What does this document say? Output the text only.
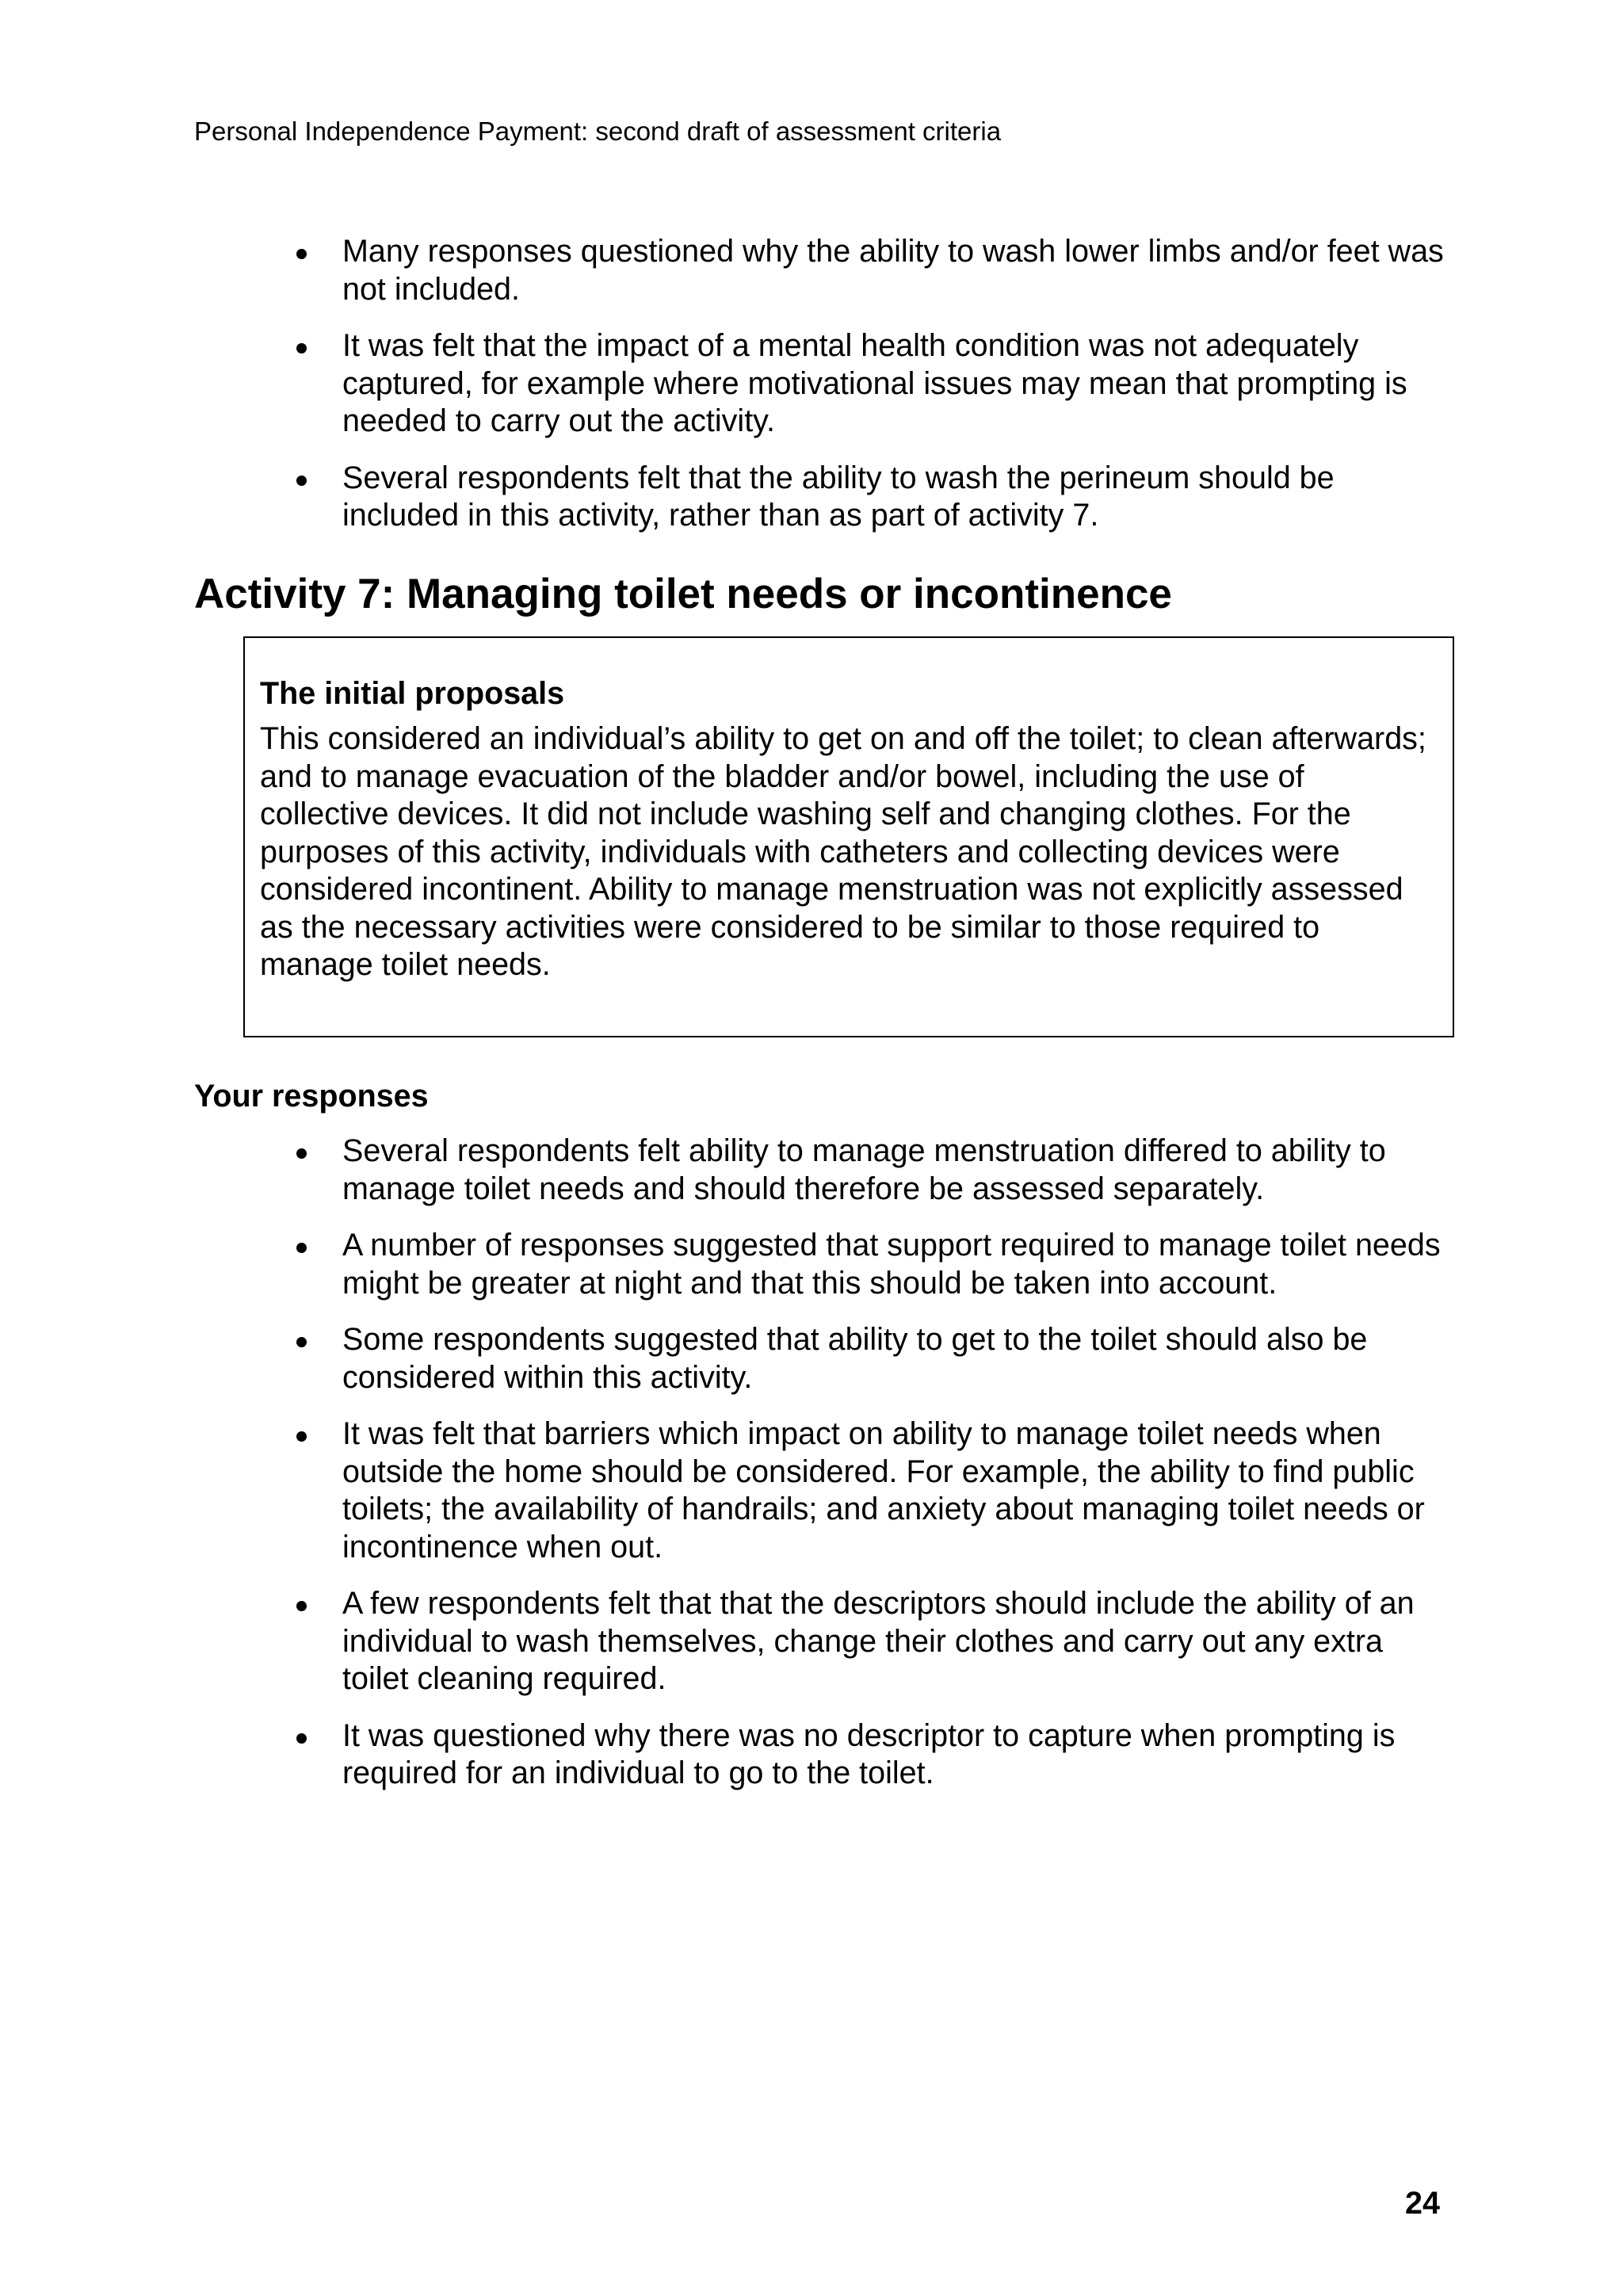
Personal Independence Payment: second draft of assessment criteria
Many responses questioned why the ability to wash lower limbs and/or feet was not included.
It was felt that the impact of a mental health condition was not adequately captured, for example where motivational issues may mean that prompting is needed to carry out the activity.
Several respondents felt that the ability to wash the perineum should be included in this activity, rather than as part of activity 7.
Activity 7: Managing toilet needs or incontinence
The initial proposals

This considered an individual’s ability to get on and off the toilet; to clean afterwards; and to manage evacuation of the bladder and/or bowel, including the use of collective devices. It did not include washing self and changing clothes. For the purposes of this activity, individuals with catheters and collecting devices were considered incontinent. Ability to manage menstruation was not explicitly assessed as the necessary activities were considered to be similar to those required to manage toilet needs.

Your responses
Several respondents felt ability to manage menstruation differed to ability to manage toilet needs and should therefore be assessed separately.
A number of responses suggested that support required to manage toilet needs might be greater at night and that this should be taken into account.
Some respondents suggested that ability to get to the toilet should also be considered within this activity.
It was felt that barriers which impact on ability to manage toilet needs when outside the home should be considered. For example, the ability to find public toilets; the availability of handrails; and anxiety about managing toilet needs or incontinence when out.
A few respondents felt that that the descriptors should include the ability of an individual to wash themselves, change their clothes and carry out any extra toilet cleaning required.
It was questioned why there was no descriptor to capture when prompting is required for an individual to go to the toilet.
24
